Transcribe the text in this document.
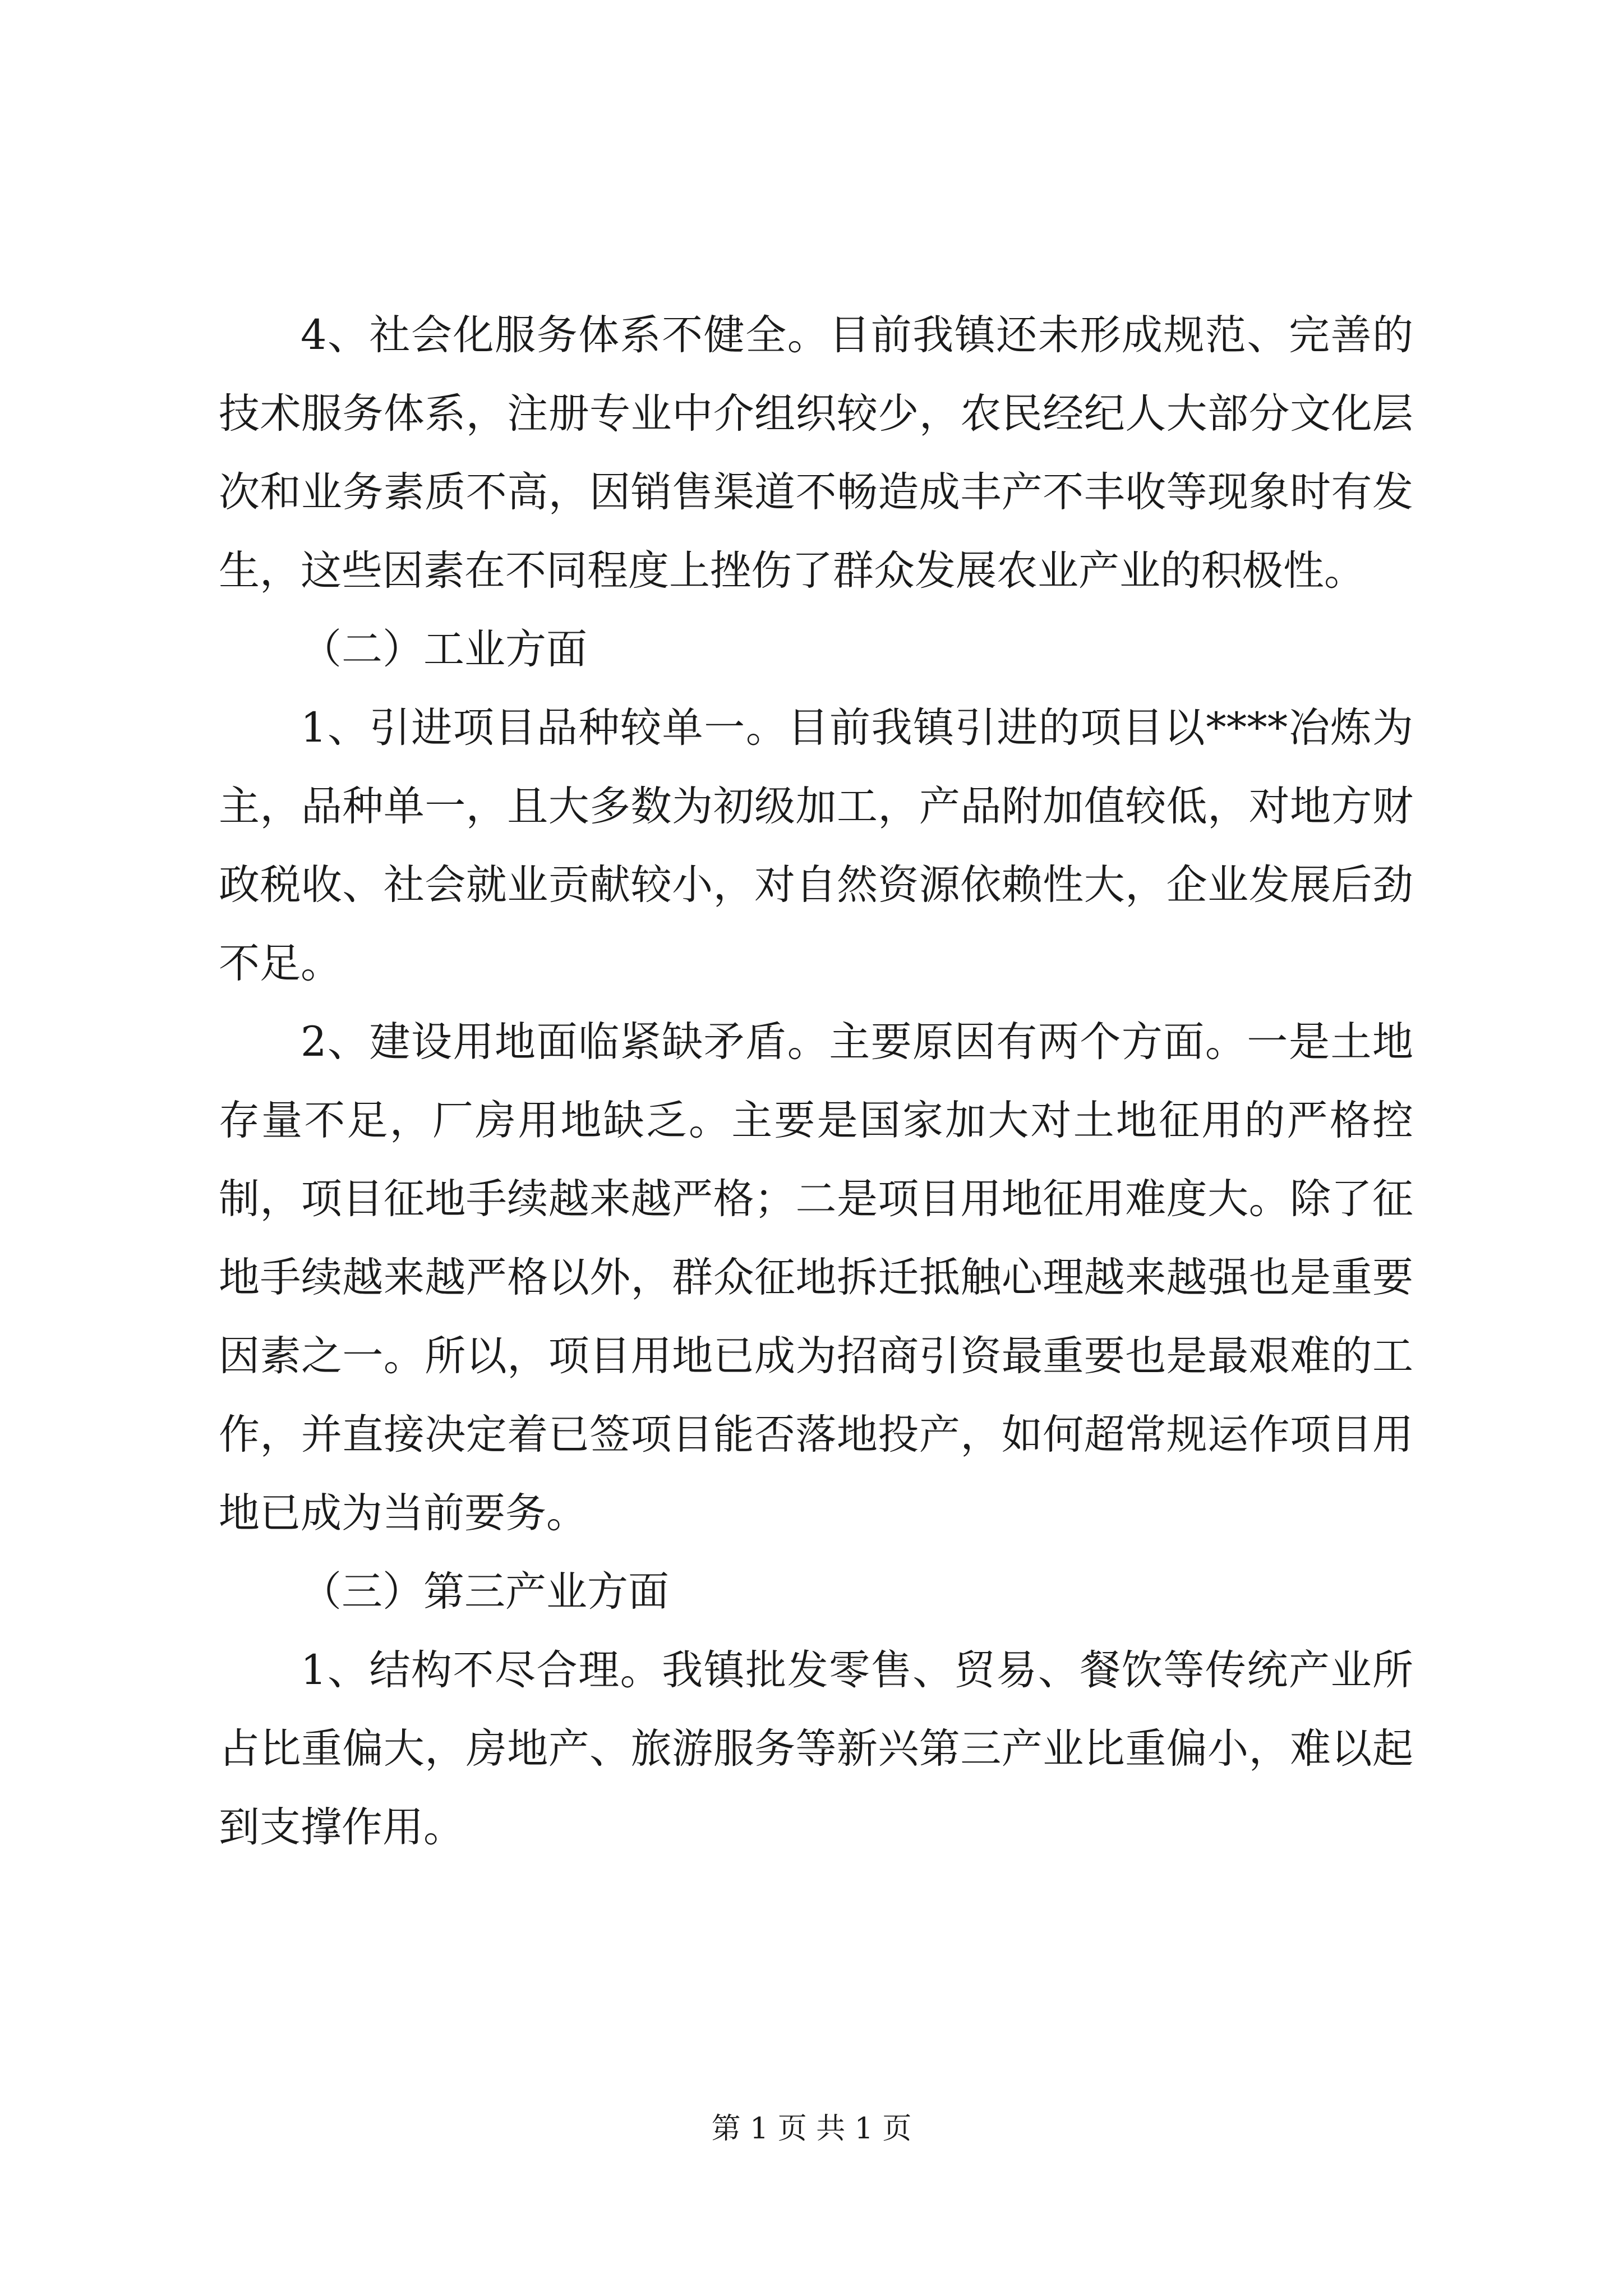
4、社会化服务体系不健全。目前我镇还未形成规范、完善的技术服务体系，注册专业中介组织较少，农民经纪人大部分文化层次和业务素质不高，因销售渠道不畅造成丰产不丰收等现象时有发生，这些因素在不同程度上挫伤了群众发展农业产业的积极性。

（二）工业方面

1、引进项目品种较单一。目前我镇引进的项目以****冶炼为主，品种单一，且大多数为初级加工，产品附加值较低，对地方财政税收、社会就业贡献较小，对自然资源依赖性大，企业发展后劲不足。

2、建设用地面临紧缺矛盾。主要原因有两个方面。一是土地存量不足，厂房用地缺乏。主要是国家加大对土地征用的严格控制，项目征地手续越来越严格；二是项目用地征用难度大。除了征地手续越来越严格以外，群众征地拆迁抵触心理越来越强也是重要因素之一。所以，项目用地已成为招商引资最重要也是最艰难的工作，并直接决定着已签项目能否落地投产，如何超常规运作项目用地已成为当前要务。

（三）第三产业方面

1、结构不尽合理。我镇批发零售、贸易、餐饮等传统产业所占比重偏大，房地产、旅游服务等新兴第三产业比重偏小，难以起到支撑作用。

第 1 页 共 1 页
